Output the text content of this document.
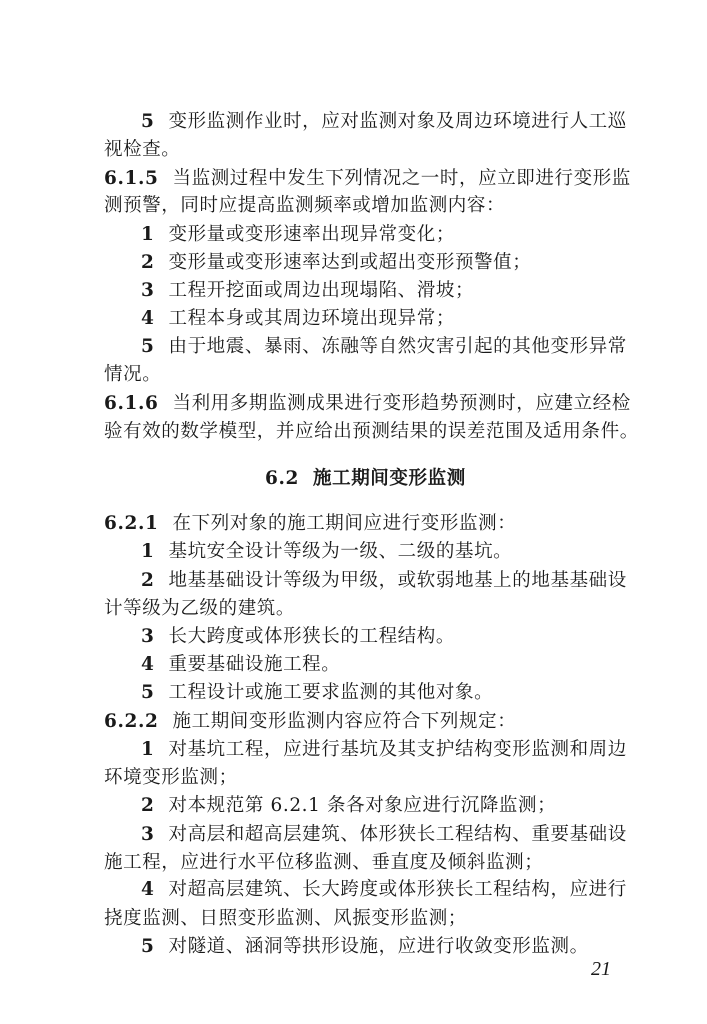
5 变形监测作业时，应对监测对象及周边环境进行人工巡
视检查。
6.1.5 当监测过程中发生下列情况之一时，应立即进行变形监
测预警，同时应提高监测频率或增加监测内容：
1 变形量或变形速率出现异常变化；
2 变形量或变形速率达到或超出变形预警值；
3 工程开挖面或周边出现塌陷、滑坡；
4 工程本身或其周边环境出现异常；
5 由于地震、暴雨、冻融等自然灾害引起的其他变形异常
情况。
6.1.6 当利用多期监测成果进行变形趋势预测时，应建立经检
验有效的数学模型，并应给出预测结果的误差范围及适用条件。
6.2 施工期间变形监测
6.2.1 在下列对象的施工期间应进行变形监测：
1 基坑安全设计等级为一级、二级的基坑。
2 地基基础设计等级为甲级，或软弱地基上的地基基础设
计等级为乙级的建筑。
3 长大跨度或体形狭长的工程结构。
4 重要基础设施工程。
5 工程设计或施工要求监测的其他对象。
6.2.2 施工期间变形监测内容应符合下列规定：
1 对基坑工程，应进行基坑及其支护结构变形监测和周边
环境变形监测；
2 对本规范第 6.2.1 条各对象应进行沉降监测；
3 对高层和超高层建筑、体形狭长工程结构、重要基础设
施工程，应进行水平位移监测、垂直度及倾斜监测；
4 对超高层建筑、长大跨度或体形狭长工程结构，应进行
挠度监测、日照变形监测、风振变形监测；
5 对隧道、涵洞等拱形设施，应进行收敛变形监测。
21
